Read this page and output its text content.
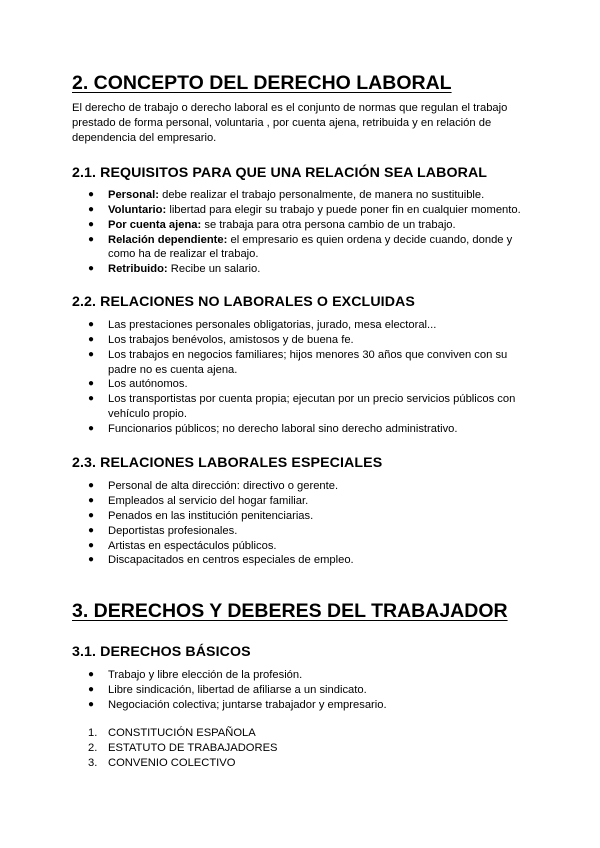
2. CONCEPTO DEL DERECHO LABORAL

El derecho de trabajo o derecho laboral es el conjunto de normas que regulan el trabajo prestado de forma personal, voluntaria , por cuenta ajena, retribuida y en relación de dependencia del empresario.

2.1. REQUISITOS PARA QUE UNA RELACIÓN SEA LABORAL
● Personal: debe realizar el trabajo personalmente, de manera no sustituible.
● Voluntario: libertad para elegir su trabajo y puede poner fin en cualquier momento.
● Por cuenta ajena: se trabaja para otra persona cambio de un trabajo.
● Relación dependiente: el empresario es quien ordena y decide cuando, donde y como ha de realizar el trabajo.
● Retribuido: Recibe un salario.
2.2. RELACIONES NO LABORALES O EXCLUIDAS
● Las prestaciones personales obligatorias, jurado, mesa electoral...
● Los trabajos benévolos, amistosos y de buena fe.
● Los trabajos en negocios familiares; hijos menores 30 años que conviven con su padre no es cuenta ajena.
● Los autónomos.
● Los transportistas por cuenta propia; ejecutan por un precio servicios públicos con vehículo propio.
● Funcionarios públicos; no derecho laboral sino derecho administrativo.
2.3. RELACIONES LABORALES ESPECIALES
● Personal de alta dirección: directivo o gerente.
● Empleados al servicio del hogar familiar.
● Penados en las institución penitenciarias.
● Deportistas profesionales.
● Artistas en espectáculos públicos.
● Discapacitados en centros especiales de empleo.
3. DERECHOS Y DEBERES DEL TRABAJADOR
3.1. DERECHOS BÁSICOS
● Trabajo y libre elección de la profesión.
● Libre sindicación, libertad de afiliarse a un sindicato.
● Negociación colectiva; juntarse trabajador y empresario.
1. CONSTITUCIÓN ESPAÑOLA
2. ESTATUTO DE TRABAJADORES
3. CONVENIO COLECTIVO
